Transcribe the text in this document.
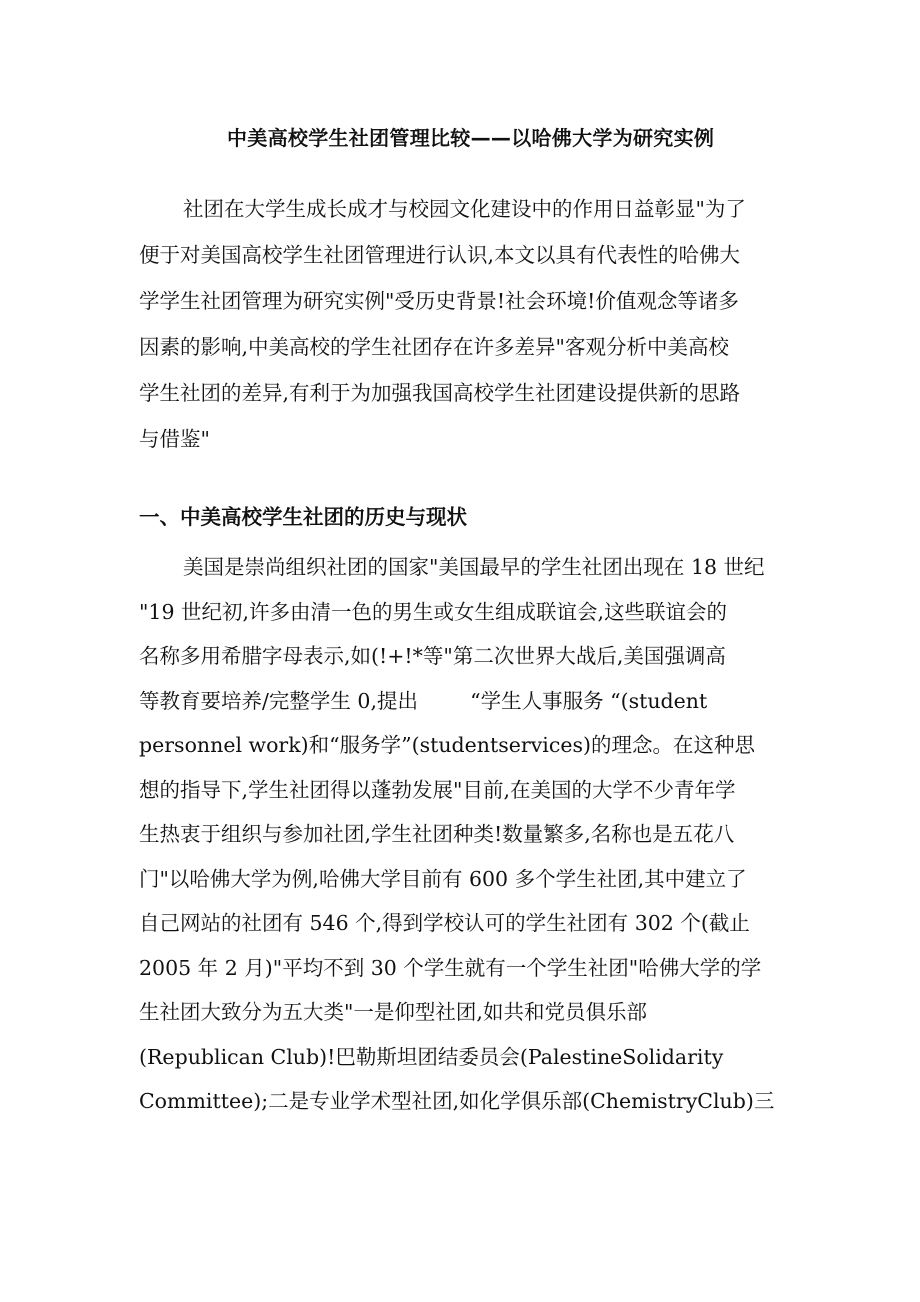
中美高校学生社团管理比较——以哈佛大学为研究实例
社团在大学生成长成才与校园文化建设中的作用日益彰显"为了
便于对美国高校学生社团管理进行认识,本文以具有代表性的哈佛大
学学生社团管理为研究实例"受历史背景!社会环境!价值观念等诸多
因素的影响,中美高校的学生社团存在许多差异"客观分析中美高校
学生社团的差异,有利于为加强我国高校学生社团建设提供新的思路
与借鉴"
一、中美高校学生社团的历史与现状
美国是崇尚组织社团的国家"美国最早的学生社团出现在 18 世纪
"19 世纪初,许多由清一色的男生或女生组成联谊会,这些联谊会的
名称多用希腊字母表示,如(!+!*等"第二次世界大战后,美国强调高
等教育要培养/完整学生 0,提出        “学生人事服务 “(student
personnel work)和“服务学”(studentservices)的理念。在这种思
想的指导下,学生社团得以蓬勃发展"目前,在美国的大学不少青年学
生热衷于组织与参加社团,学生社团种类!数量繁多,名称也是五花八
门"以哈佛大学为例,哈佛大学目前有 600 多个学生社团,其中建立了
自己网站的社团有 546 个,得到学校认可的学生社团有 302 个(截止
2005 年 2 月)"平均不到 30 个学生就有一个学生社团"哈佛大学的学
生社团大致分为五大类"一是仰型社团,如共和党员俱乐部
(Republican Club)!巴勒斯坦团结委员会(PalestineSolidarity
Committee);二是专业学术型社团,如化学俱乐部(ChemistryClub)三
